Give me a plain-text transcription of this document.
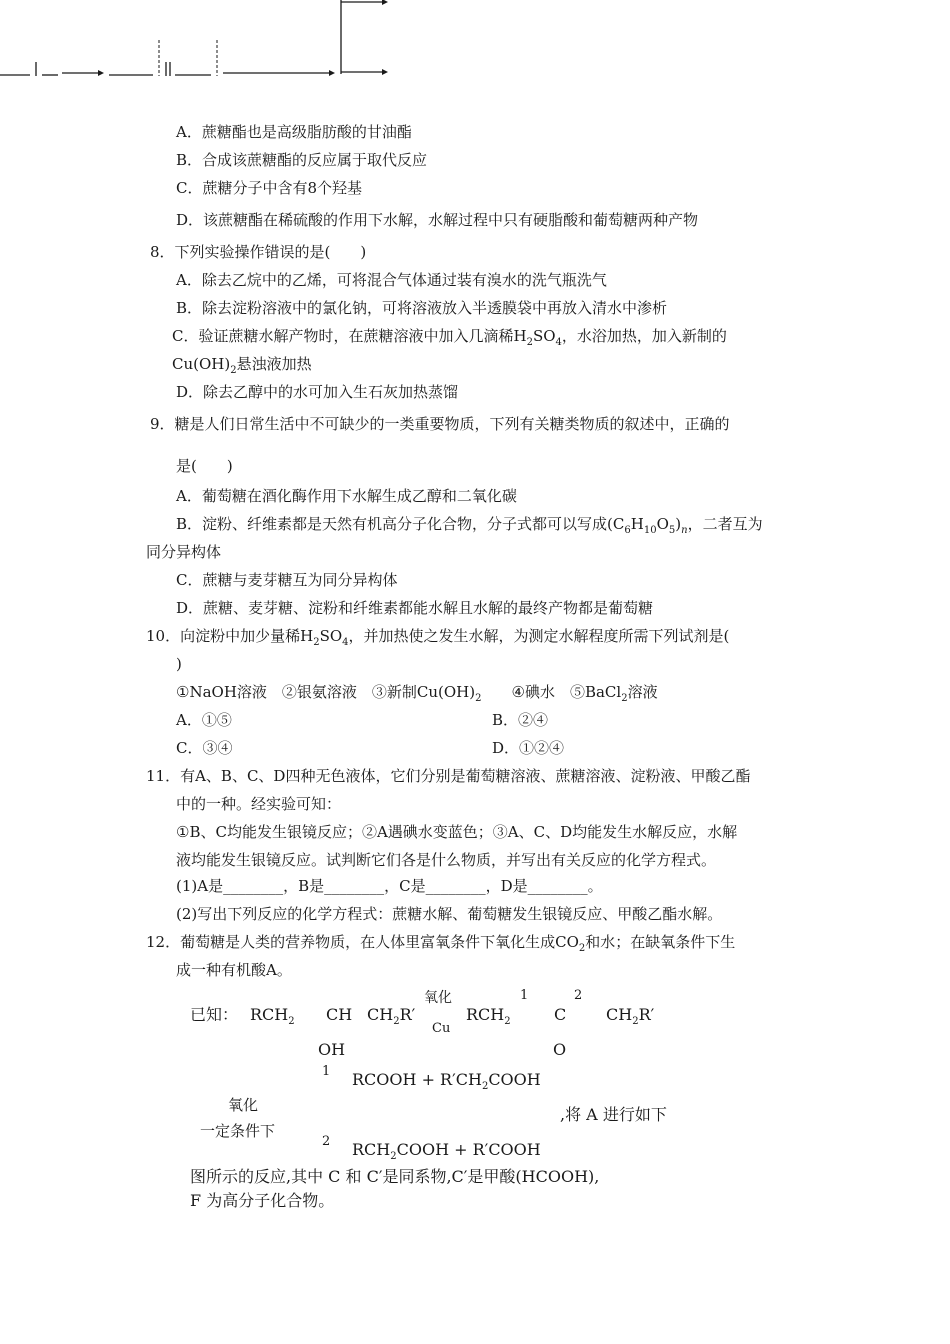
A．蔗糖酯也是高级脂肪酸的甘油酯
B．合成该蔗糖酯的反应属于取代反应
C．蔗糖分子中含有8个羟基
D．该蔗糖酯在稀硫酸的作用下水解，水解过程中只有硬脂酸和葡萄糖两种产物
8．下列实验操作错误的是(　　)
A．除去乙烷中的乙烯，可将混合气体通过装有溴水的洗气瓶洗气
B．除去淀粉溶液中的氯化钠，可将溶液放入半透膜袋中再放入清水中渗析
C．验证蔗糖水解产物时，在蔗糖溶液中加入几滴稀$H_2SO_4$，水浴加热，加入新制的
$Cu(OH)_2$悬浊液加热
D．除去乙醇中的水可加入生石灰加热蒸馏
9．糖是人们日常生活中不可缺少的一类重要物质，下列有关糖类物质的叙述中，正确的
是(　　)
A．葡萄糖在酒化酶作用下水解生成乙醇和二氧化碳
B．淀粉、纤维素都是天然有机高分子化合物，分子式都可以写成$(C_6H_{10}O_5)_n$，二者互为
同分异构体
C．蔗糖与麦芽糖互为同分异构体
D．蔗糖、麦芽糖、淀粉和纤维素都能水解且水解的最终产物都是葡萄糖
10．向淀粉中加少量稀$H_2SO_4$，并加热使之发生水解，为测定水解程度所需下列试剂是(
)
①NaOH溶液　②银氨溶液　③新制$Cu(OH)_2$ ④碘水　⑤BaCl$_2$溶液
A．①⑤	B．②④
C．③④	D．①②④
11．有A、B、C、D四种无色液体，它们分别是葡萄糖溶液、蔗糖溶液、淀粉液、甲酸乙酯
中的一种。经实验可知：
①B、C均能发生银镜反应；②A遇碘水变蓝色；③A、C、D均能发生水解反应，水解
液均能发生银镜反应。试判断它们各是什么物质，并写出有关反应的化学方程式。
(1)A是________，B是________，C是________，D是________。
(2)写出下列反应的化学方程式：蔗糖水解、葡萄糖发生银镜反应、甲酸乙酯水解。
12．葡萄糖是人类的营养物质，在人体里富氧条件下氧化生成$CO_2$和水；在缺氧条件下生
成一种有机酸A。
已知： $RCH_2$
CH

OH

$CH_2R'$
氧化

Cu
$RCH_2$

1
C

O

2
$CH_2R'$
氧化

一定条件下
1
2
RCOOH + $R'CH_2COOH$
$RCH_2COOH$ + R′COOH
,将 A 进行如下
图所示的反应,其中 C 和 C′是同系物,C′是甲酸(HCOOH),
F 为高分子化合物。
